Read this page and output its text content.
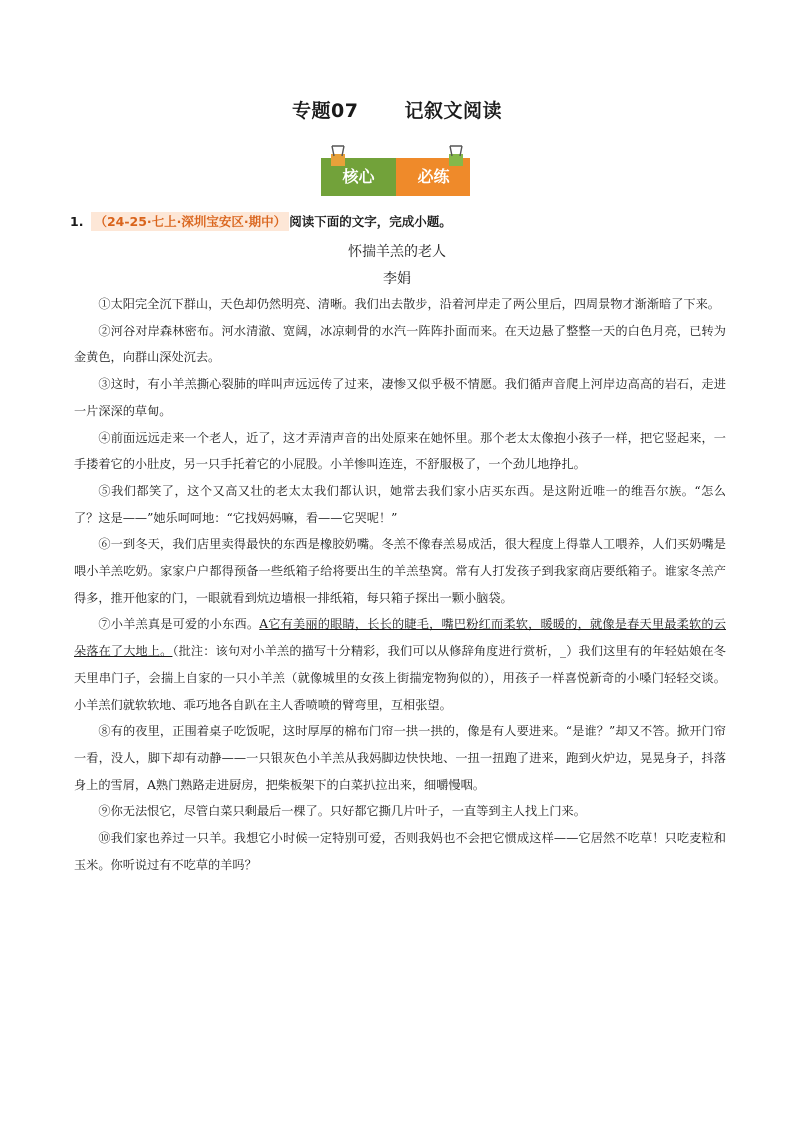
专题07 记叙文阅读
核心	必练
1. （24-25·七上·深圳宝安区·期中） 阅读下面的文字，完成小题。
怀揣羊羔的老人
李娟

①太阳完全沉下群山，天色却仍然明亮、清晰。我们出去散步，沿着河岸走了两公里后，四周景物才渐渐暗了下来。

②河谷对岸森林密布。河水清澈、宽阔，冰凉刺骨的水汽一阵阵扑面而来。在天边悬了整整一天的白色月亮，已转为金黄色，向群山深处沉去。

③这时，有小羊羔撕心裂肺的咩叫声远远传了过来，凄惨又似乎极不情愿。我们循声音爬上河岸边高高的岩石，走进一片深深的草甸。

④前面远远走来一个老人，近了，这才弄清声音的出处原来在她怀里。那个老太太像抱小孩子一样，把它竖起来，一手搂着它的小肚皮，另一只手托着它的小屁股。小羊惨叫连连，不舒服极了，一个劲儿地挣扎。

⑤我们都笑了，这个又高又壮的老太太我们都认识，她常去我们家小店买东西。是这附近唯一的维吾尔族。“怎么了？这是——”她乐呵呵地：“它找妈妈嘛，看——它哭呢！”

⑥一到冬天，我们店里卖得最快的东西是橡胶奶嘴。冬羔不像春羔易成活，很大程度上得靠人工喂养，人们买奶嘴是喂小羊羔吃奶。家家户户都得预备一些纸箱子给将要出生的羊羔垫窝。常有人打发孩子到我家商店要纸箱子。谁家冬羔产得多，推开他家的门，一眼就看到炕边墙根一排纸箱，每只箱子探出一颗小脑袋。

⑦小羊羔真是可爱的小东西。A它有美丽的眼睛，长长的睫毛，嘴巴粉红而柔软，暖暖的，就像是春天里最柔软的云朵落在了大地上。（批注：该句对小羊羔的描写十分精彩，我们可以从修辞角度进行赏析，_）我们这里有的年轻姑娘在冬天里串门子，会揣上自家的一只小羊羔（就像城里的女孩上街揣宠物狗似的），用孩子一样喜悦新奇的小嗓门轻轻交谈。小羊羔们就软软地、乖巧地各自趴在主人香喷喷的臂弯里，互相张望。

⑧有的夜里，正围着桌子吃饭呢，这时厚厚的棉布门帘一拱一拱的，像是有人要进来。“是谁？”却又不答。掀开门帘一看，没人，脚下却有动静——一只银灰色小羊羔从我妈脚边快快地、一扭一扭跑了进来，跑到火炉边，晃晃身子，抖落身上的雪屑，A熟门熟路走进厨房，把柴板架下的白菜扒拉出来，细嚼慢咽。

⑨你无法恨它，尽管白菜只剩最后一棵了。只好都它撕几片叶子，一直等到主人找上门来。

⑩我们家也养过一只羊。我想它小时候一定特别可爱，否则我妈也不会把它惯成这样——它居然不吃草！只吃麦粒和玉米。你听说过有不吃草的羊吗？
